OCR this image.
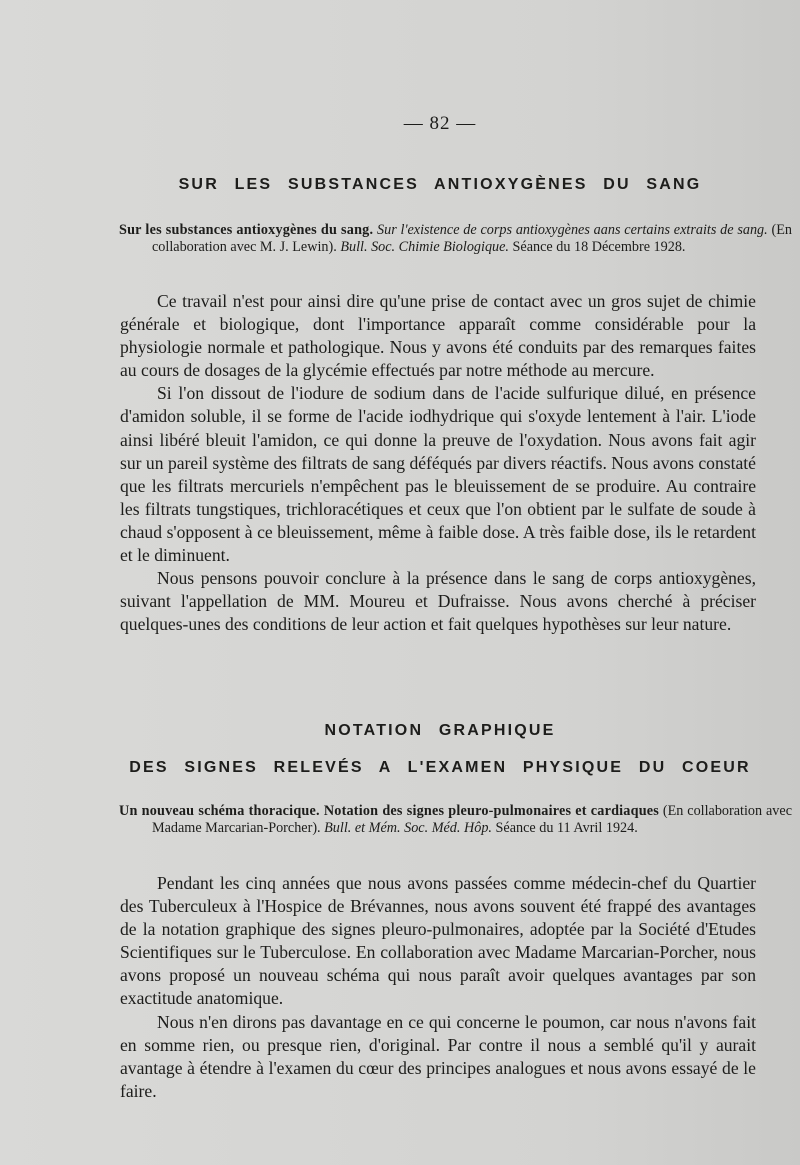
— 82 —
SUR LES SUBSTANCES ANTIOXYGÈNES DU SANG
Sur les substances antioxygènes du sang. Sur l'existence de corps antioxygènes aans certains extraits de sang. (En collaboration avec M. J. Lewin). Bull. Soc. Chimie Biologique. Séance du 18 Décembre 1928.

Ce travail n'est pour ainsi dire qu'une prise de contact avec un gros sujet de chimie générale et biologique, dont l'importance apparaît comme considérable pour la physiologie normale et pathologique. Nous y avons été conduits par des remarques faites au cours de dosages de la glycémie effectués par notre méthode au mercure.

Si l'on dissout de l'iodure de sodium dans de l'acide sulfurique dilué, en présence d'amidon soluble, il se forme de l'acide iodhydrique qui s'oxyde lentement à l'air. L'iode ainsi libéré bleuit l'amidon, ce qui donne la preuve de l'oxydation. Nous avons fait agir sur un pareil système des filtrats de sang déféqués par divers réactifs. Nous avons constaté que les filtrats mercuriels n'empêchent pas le bleuissement de se produire. Au contraire les filtrats tungstiques, trichloracétiques et ceux que l'on obtient par le sulfate de soude à chaud s'opposent à ce bleuissement, même à faible dose. A très faible dose, ils le retardent et le diminuent.

Nous pensons pouvoir conclure à la présence dans le sang de corps antioxygènes, suivant l'appellation de MM. Moureu et Dufraisse. Nous avons cherché à préciser quelques-unes des conditions de leur action et fait quelques hypothèses sur leur nature.

NOTATION GRAPHIQUE
DES SIGNES RELEVÉS A L'EXAMEN PHYSIQUE DU COEUR
Un nouveau schéma thoracique. Notation des signes pleuro-pulmonaires et cardiaques (En collaboration avec Madame Marcarian-Porcher). Bull. et Mém. Soc. Méd. Hôp. Séance du 11 Avril 1924.

Pendant les cinq années que nous avons passées comme médecin-chef du Quartier des Tuberculeux à l'Hospice de Brévannes, nous avons souvent été frappé des avantages de la notation graphique des signes pleuro-pulmonaires, adoptée par la Société d'Etudes Scientifiques sur le Tuberculose. En collaboration avec Madame Marcarian-Porcher, nous avons proposé un nouveau schéma qui nous paraît avoir quelques avantages par son exactitude anatomique.

Nous n'en dirons pas davantage en ce qui concerne le poumon, car nous n'avons fait en somme rien, ou presque rien, d'original. Par contre il nous a semblé qu'il y aurait avantage à étendre à l'examen du cœur des principes analogues et nous avons essayé de le faire.
